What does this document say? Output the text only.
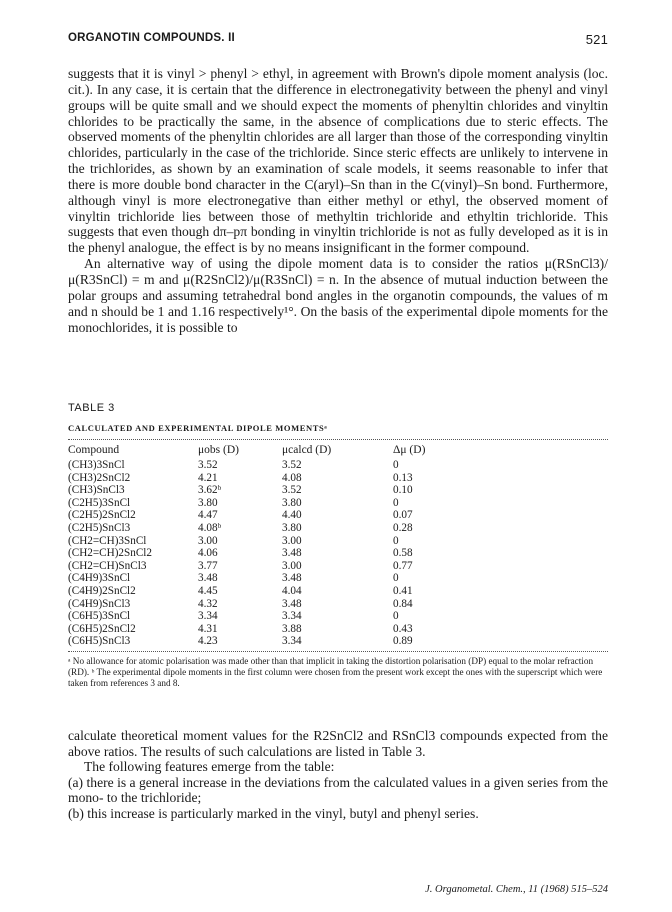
ORGANOTIN COMPOUNDS. II	521

suggests that it is vinyl > phenyl > ethyl, in agreement with Brown's dipole moment analysis (loc. cit.). In any case, it is certain that the difference in electronegativity between the phenyl and vinyl groups will be quite small and we should expect the moments of phenyltin chlorides and vinyltin chlorides to be practically the same, in the absence of complications due to steric effects. The observed moments of the phenyltin chlorides are all larger than those of the corresponding vinyltin chlorides, particularly in the case of the trichloride. Since steric effects are unlikely to intervene in the trichlorides, as shown by an examination of scale models, it seems reasonable to infer that there is more double bond character in the C(aryl)–Sn than in the C(vinyl)–Sn bond. Furthermore, although vinyl is more electronegative than either methyl or ethyl, the observed moment of vinyltin trichloride lies between those of methyltin trichloride and ethyltin trichloride. This suggests that even though dπ–pπ bonding in vinyltin trichloride is not as fully developed as it is in the phenyl analogue, the effect is by no means insignificant in the former compound.

An alternative way of using the dipole moment data is to consider the ratios μ(RSnCl3)/μ(R3SnCl) = m and μ(R2SnCl2)/μ(R3SnCl) = n. In the absence of mutual induction between the polar groups and assuming tetrahedral bond angles in the organotin compounds, the values of m and n should be 1 and 1.16 respectively¹°. On the basis of the experimental dipole moments for the monochlorides, it is possible to

TABLE 3
CALCULATED AND EXPERIMENTAL DIPOLE MOMENTSᵃ
Compound	μobs (D)	μcalcd (D)	Δμ (D)
(CH3)3SnCl	3.52	3.52	0
(CH3)2SnCl2	4.21	4.08	0.13
(CH3)SnCl3	3.62ᵇ	3.52	0.10
(C2H5)3SnCl	3.80	3.80	0
(C2H5)2SnCl2	4.47	4.40	0.07
(C2H5)SnCl3	4.08ᵇ	3.80	0.28
(CH2=CH)3SnCl	3.00	3.00	0
(CH2=CH)2SnCl2	4.06	3.48	0.58
(CH2=CH)SnCl3	3.77	3.00	0.77
(C4H9)3SnCl	3.48	3.48	0
(C4H9)2SnCl2	4.45	4.04	0.41
(C4H9)SnCl3	4.32	3.48	0.84
(C6H5)3SnCl	3.34	3.34	0
(C6H5)2SnCl2	4.31	3.88	0.43
(C6H5)SnCl3	4.23	3.34	0.89
ᵃ No allowance for atomic polarisation was made other than that implicit in taking the distortion polarisation (DP) equal to the molar refraction (RD). ᵇ The experimental dipole moments in the first column were chosen from the present work except the ones with the superscript which were taken from references 3 and 8.

calculate theoretical moment values for the R2SnCl2 and RSnCl3 compounds expected from the above ratios. The results of such calculations are listed in Table 3.

The following features emerge from the table:

(a) there is a general increase in the deviations from the calculated values in a given series from the mono- to the trichloride;

(b) this increase is particularly marked in the vinyl, butyl and phenyl series.

J. Organometal. Chem., 11 (1968) 515–524
